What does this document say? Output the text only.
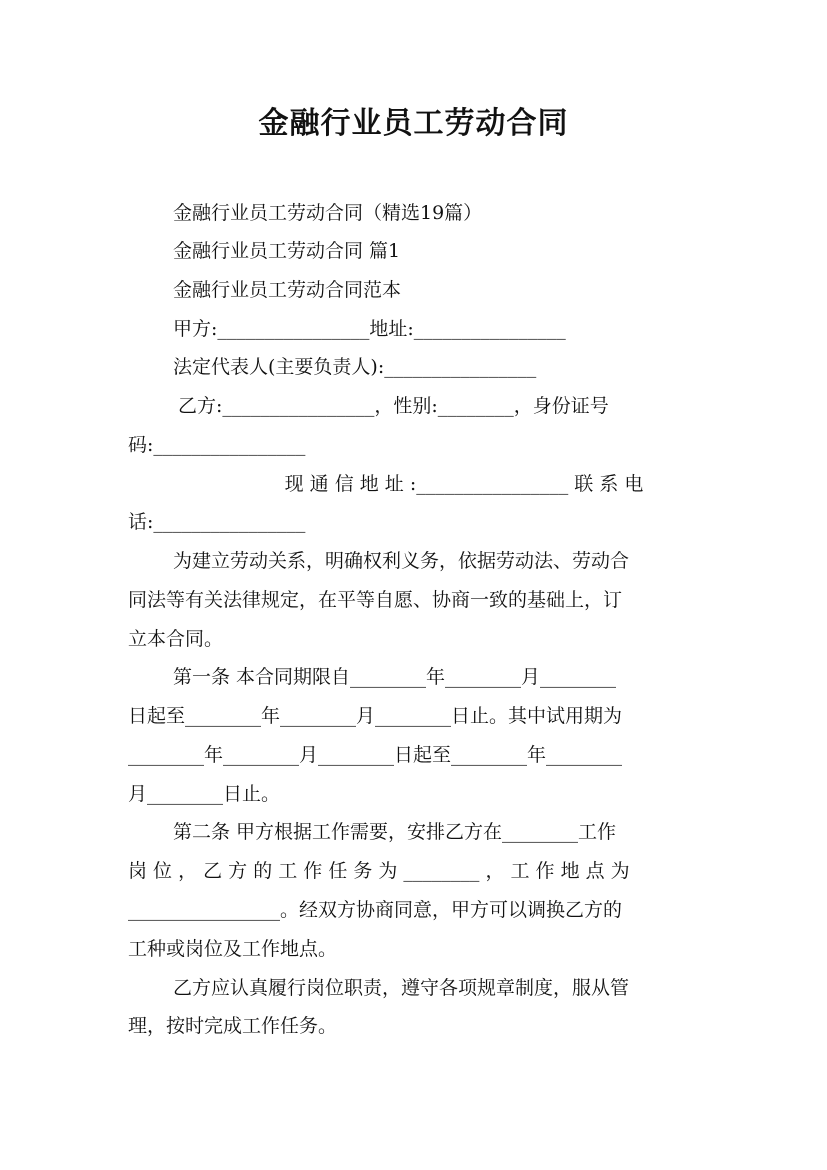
金融行业员工劳动合同
金融行业员工劳动合同（精选19篇）
金融行业员工劳动合同 篇1
金融行业员工劳动合同范本
甲方:________________地址:________________
法定代表人(主要负责人):________________
乙方:________________，性别:________，身份证号
码:________________
现 通 信 地 址 :________________ 联 系 电
话:________________
为建立劳动关系，明确权利义务，依据劳动法、劳动合
同法等有关法律规定，在平等自愿、协商一致的基础上，订
立本合同。
第一条 本合同期限自________年________月________
日起至________年________月________日止。其中试用期为
________年________月________日起至________年________
月________日止。
第二条 甲方根据工作需要，安排乙方在________工作
岗 位 ， 乙 方 的 工 作 任 务 为 ________ ， 工 作 地 点 为
________________。经双方协商同意，甲方可以调换乙方的
工种或岗位及工作地点。
乙方应认真履行岗位职责，遵守各项规章制度，服从管
理，按时完成工作任务。
